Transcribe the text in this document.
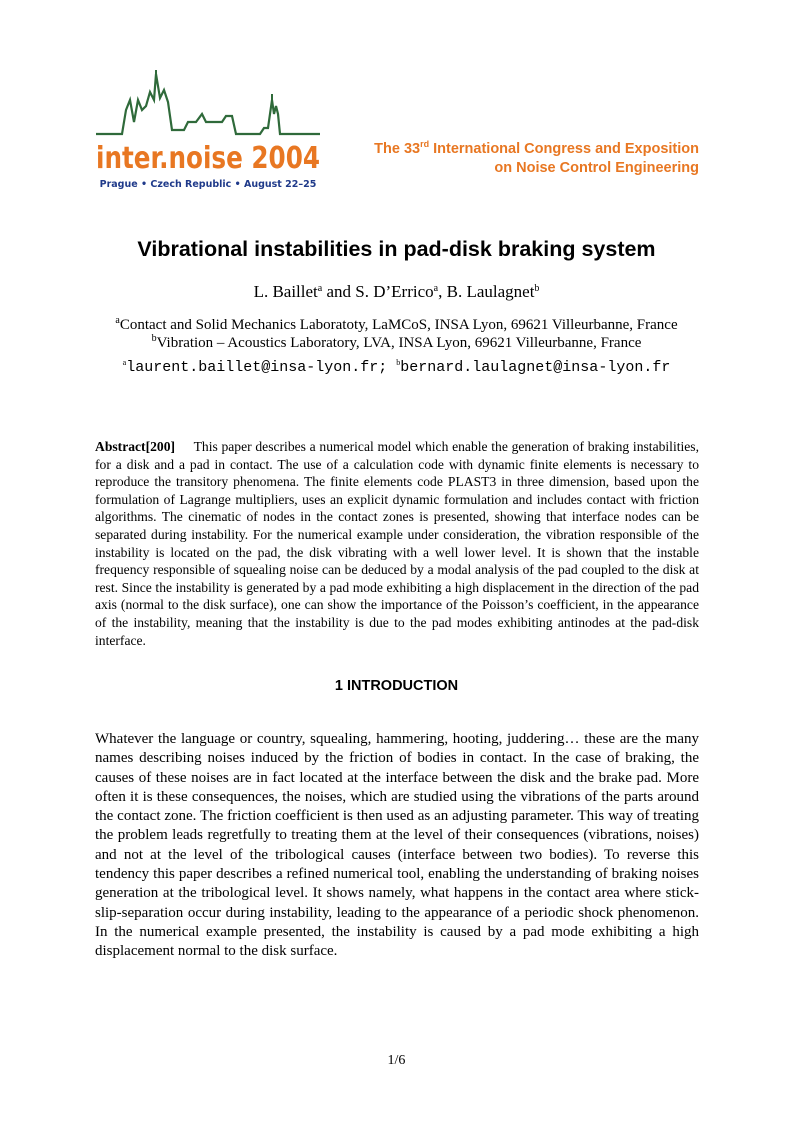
inter.noise 2004
Prague • Czech Republic • August 22–25
The 33rd International Congress and Exposition
on Noise Control Engineering
Vibrational instabilities in pad-disk braking system
L. Baillet$^a$ and S. D’Errico$^a$, B. Laulagnet$^b$
$^a$Contact and Solid Mechanics Laboratoty, LaMCoS, INSA Lyon, 69621 Villeurbanne, France
$^b$Vibration – Acoustics Laboratory, LVA, INSA Lyon, 69621 Villeurbanne, France
$^a$laurent.baillet@insa-lyon.fr; $^b$bernard.laulagnet@insa-lyon.fr

Abstract[200] This paper describes a numerical model which enable the generation of braking instabilities, for a disk and a pad in contact. The use of a calculation code with dynamic finite elements is necessary to reproduce the transitory phenomena. The finite elements code PLAST3 in three dimension, based upon the formulation of Lagrange multipliers, uses an explicit dynamic formulation and includes contact with friction algorithms. The cinematic of nodes in the contact zones is presented, showing that interface nodes can be separated during instability. For the numerical example under consideration, the vibration responsible of the instability is located on the pad, the disk vibrating with a well lower level. It is shown that the instable frequency responsible of squealing noise can be deduced by a modal analysis of the pad coupled to the disk at rest. Since the instability is generated by a pad mode exhibiting a high displacement in the direction of the pad axis (normal to the disk surface), one can show the importance of the Poisson’s coefficient, in the appearance of the instability, meaning that the instability is due to the pad modes exhibiting antinodes at the pad-disk interface.

1 INTRODUCTION

Whatever the language or country, squealing, hammering, hooting, juddering… these are the many names describing noises induced by the friction of bodies in contact. In the case of braking, the causes of these noises are in fact located at the interface between the disk and the brake pad. More often it is these consequences, the noises, which are studied using the vibrations of the parts around the contact zone. The friction coefficient is then used as an adjusting parameter. This way of treating the problem leads regretfully to treating them at the level of their consequences (vibrations, noises) and not at the level of the tribological causes (interface between two bodies). To reverse this tendency this paper describes a refined numerical tool, enabling the understanding of braking noises generation at the tribological level. It shows namely, what happens in the contact area where stick-slip-separation occur during instability, leading to the appearance of a periodic shock phenomenon. In the numerical example presented, the instability is caused by a pad mode exhibiting a high displacement normal to the disk surface.

1/6
